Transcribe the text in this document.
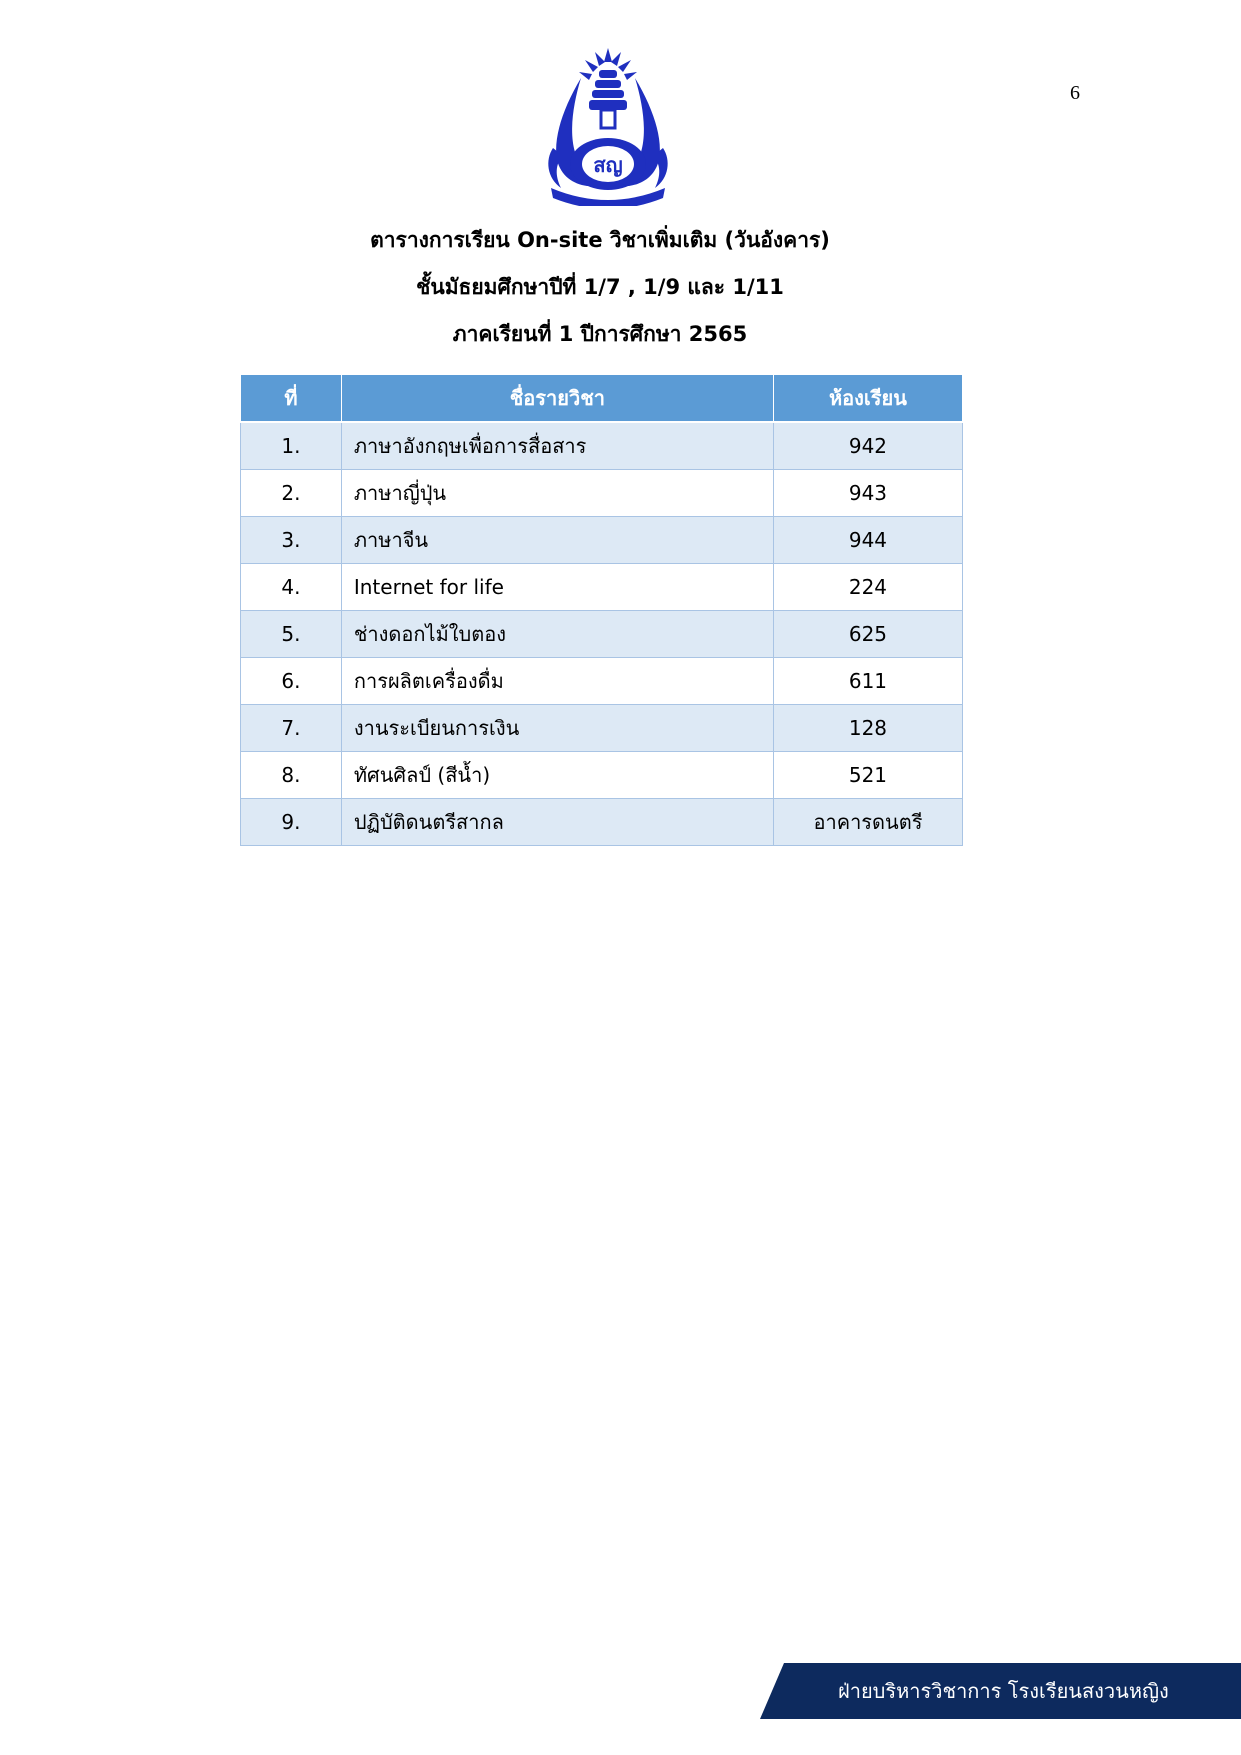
6
สญ
ตารางการเรียน On-site วิชาเพิ่มเติม (วันอังคาร)
ชั้นมัธยมศึกษาปีที่ 1/7 , 1/9 และ 1/11
ภาคเรียนที่ 1 ปีการศึกษา 2565
ที่	ชื่อรายวิชา	ห้องเรียน
1.	ภาษาอังกฤษเพื่อการสื่อสาร	942
2.	ภาษาญี่ปุ่น	943
3.	ภาษาจีน	944
4.	Internet for life	224
5.	ช่างดอกไม้ใบตอง	625
6.	การผลิตเครื่องดื่ม	611
7.	งานระเบียนการเงิน	128
8.	ทัศนศิลป์ (สีน้ำ)	521
9.	ปฏิบัติดนตรีสากล	อาคารดนตรี
ฝ่ายบริหารวิชาการ โรงเรียนสงวนหญิง
